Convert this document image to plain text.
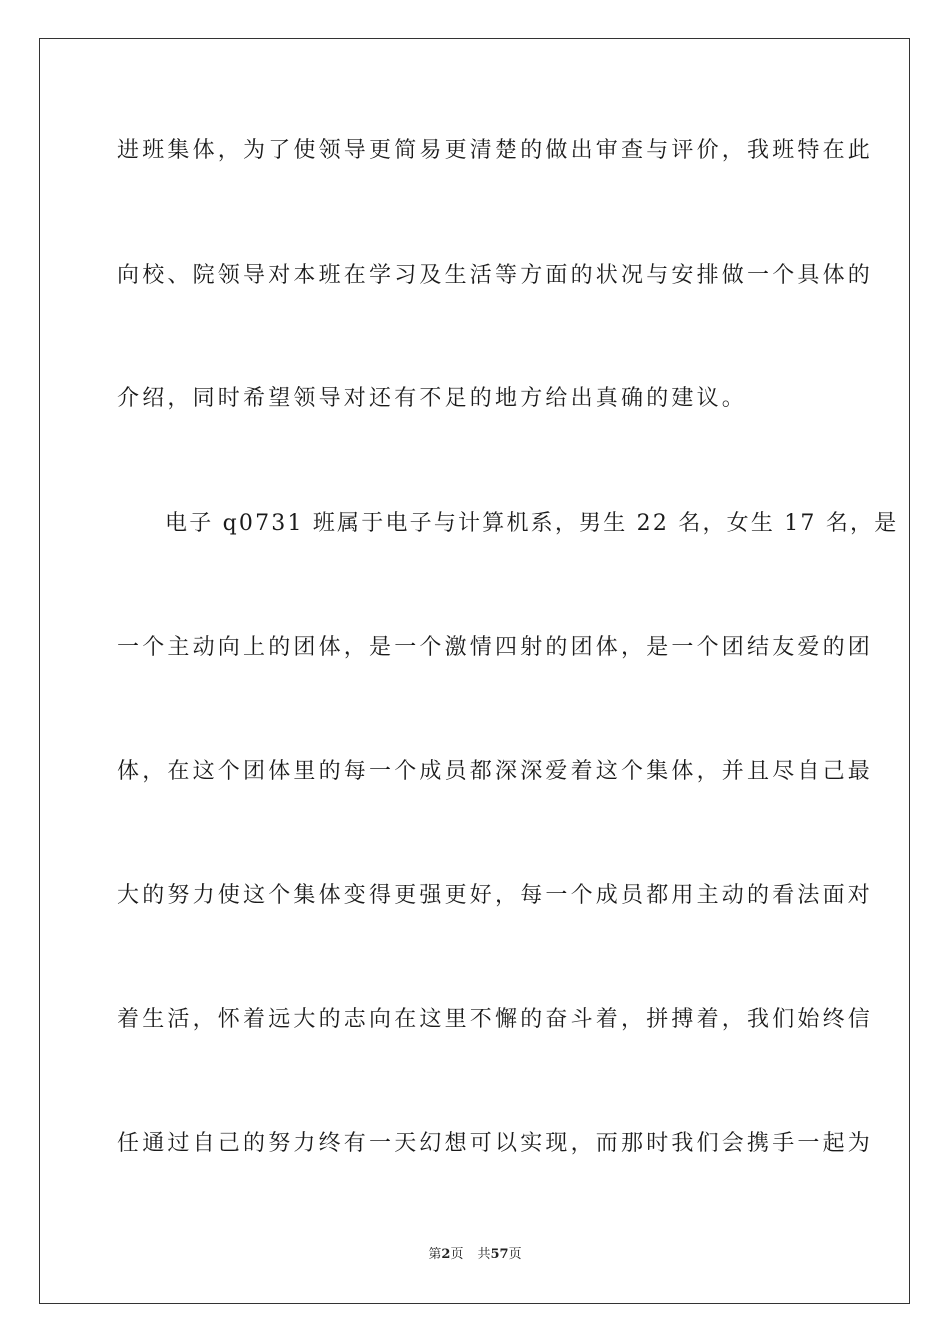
进班集体，为了使领导更简易更清楚的做出审查与评价，我班特在此
向校、院领导对本班在学习及生活等方面的状况与安排做一个具体的
介绍，同时希望领导对还有不足的地方给出真确的建议。
电子 q0731 班属于电子与计算机系，男生 22 名，女生 17 名，是
一个主动向上的团体，是一个激情四射的团体，是一个团结友爱的团
体，在这个团体里的每一个成员都深深爱着这个集体，并且尽自己最
大的努力使这个集体变得更强更好，每一个成员都用主动的看法面对
着生活，怀着远大的志向在这里不懈的奋斗着，拼搏着，我们始终信
任通过自己的努力终有一天幻想可以实现，而那时我们会携手一起为
第2页 共57页
